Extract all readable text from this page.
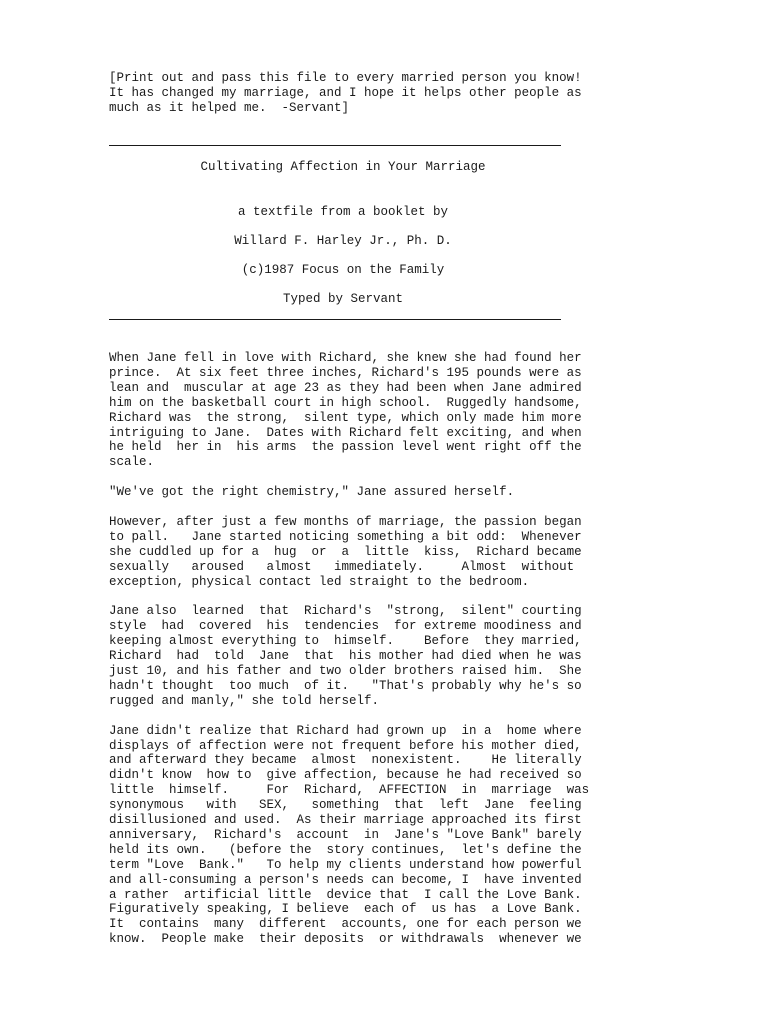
[Print out and pass this file to every married person you know!
It has changed my marriage, and I hope it helps other people as
much as it helped me.  -Servant]
Cultivating Affection in Your Marriage
a textfile from a booklet by
Willard F. Harley Jr., Ph. D.
(c)1987 Focus on the Family
Typed by Servant
When Jane fell in love with Richard, she knew she had found her
prince.  At six feet three inches, Richard's 195 pounds were as
lean and  muscular at age 23 as they had been when Jane admired
him on the basketball court in high school.  Ruggedly handsome,
Richard was  the strong,  silent type, which only made him more
intriguing to Jane.  Dates with Richard felt exciting, and when
he held  her in  his arms  the passion level went right off the
scale.
"We've got the right chemistry," Jane assured herself.
However, after just a few months of marriage, the passion began
to pall.   Jane started noticing something a bit odd:  Whenever
she cuddled up for a  hug  or  a  little  kiss,  Richard became
sexually   aroused   almost   immediately.     Almost  without
exception, physical contact led straight to the bedroom.
Jane also  learned  that  Richard's  "strong,  silent" courting
style  had  covered  his  tendencies  for extreme moodiness and
keeping almost everything to  himself.    Before  they married,
Richard  had  told  Jane  that  his mother had died when he was
just 10, and his father and two older brothers raised him.  She
hadn't thought  too much  of it.   "That's probably why he's so
rugged and manly," she told herself.
Jane didn't realize that Richard had grown up  in a  home where
displays of affection were not frequent before his mother died,
and afterward they became  almost  nonexistent.    He literally
didn't know  how to  give affection, because he had received so
little  himself.     For  Richard,  AFFECTION  in  marriage  was
synonymous   with   SEX,   something  that  left  Jane  feeling
disillusioned and used.  As their marriage approached its first
anniversary,  Richard's  account  in  Jane's "Love Bank" barely
held its own.   (before the  story continues,  let's define the
term "Love  Bank."   To help my clients understand how powerful
and all-consuming a person's needs can become, I  have invented
a rather  artificial little  device that  I call the Love Bank.
Figuratively speaking, I believe  each of  us has  a Love Bank.
It  contains  many  different  accounts, one for each person we
know.  People make  their deposits  or withdrawals  whenever we
